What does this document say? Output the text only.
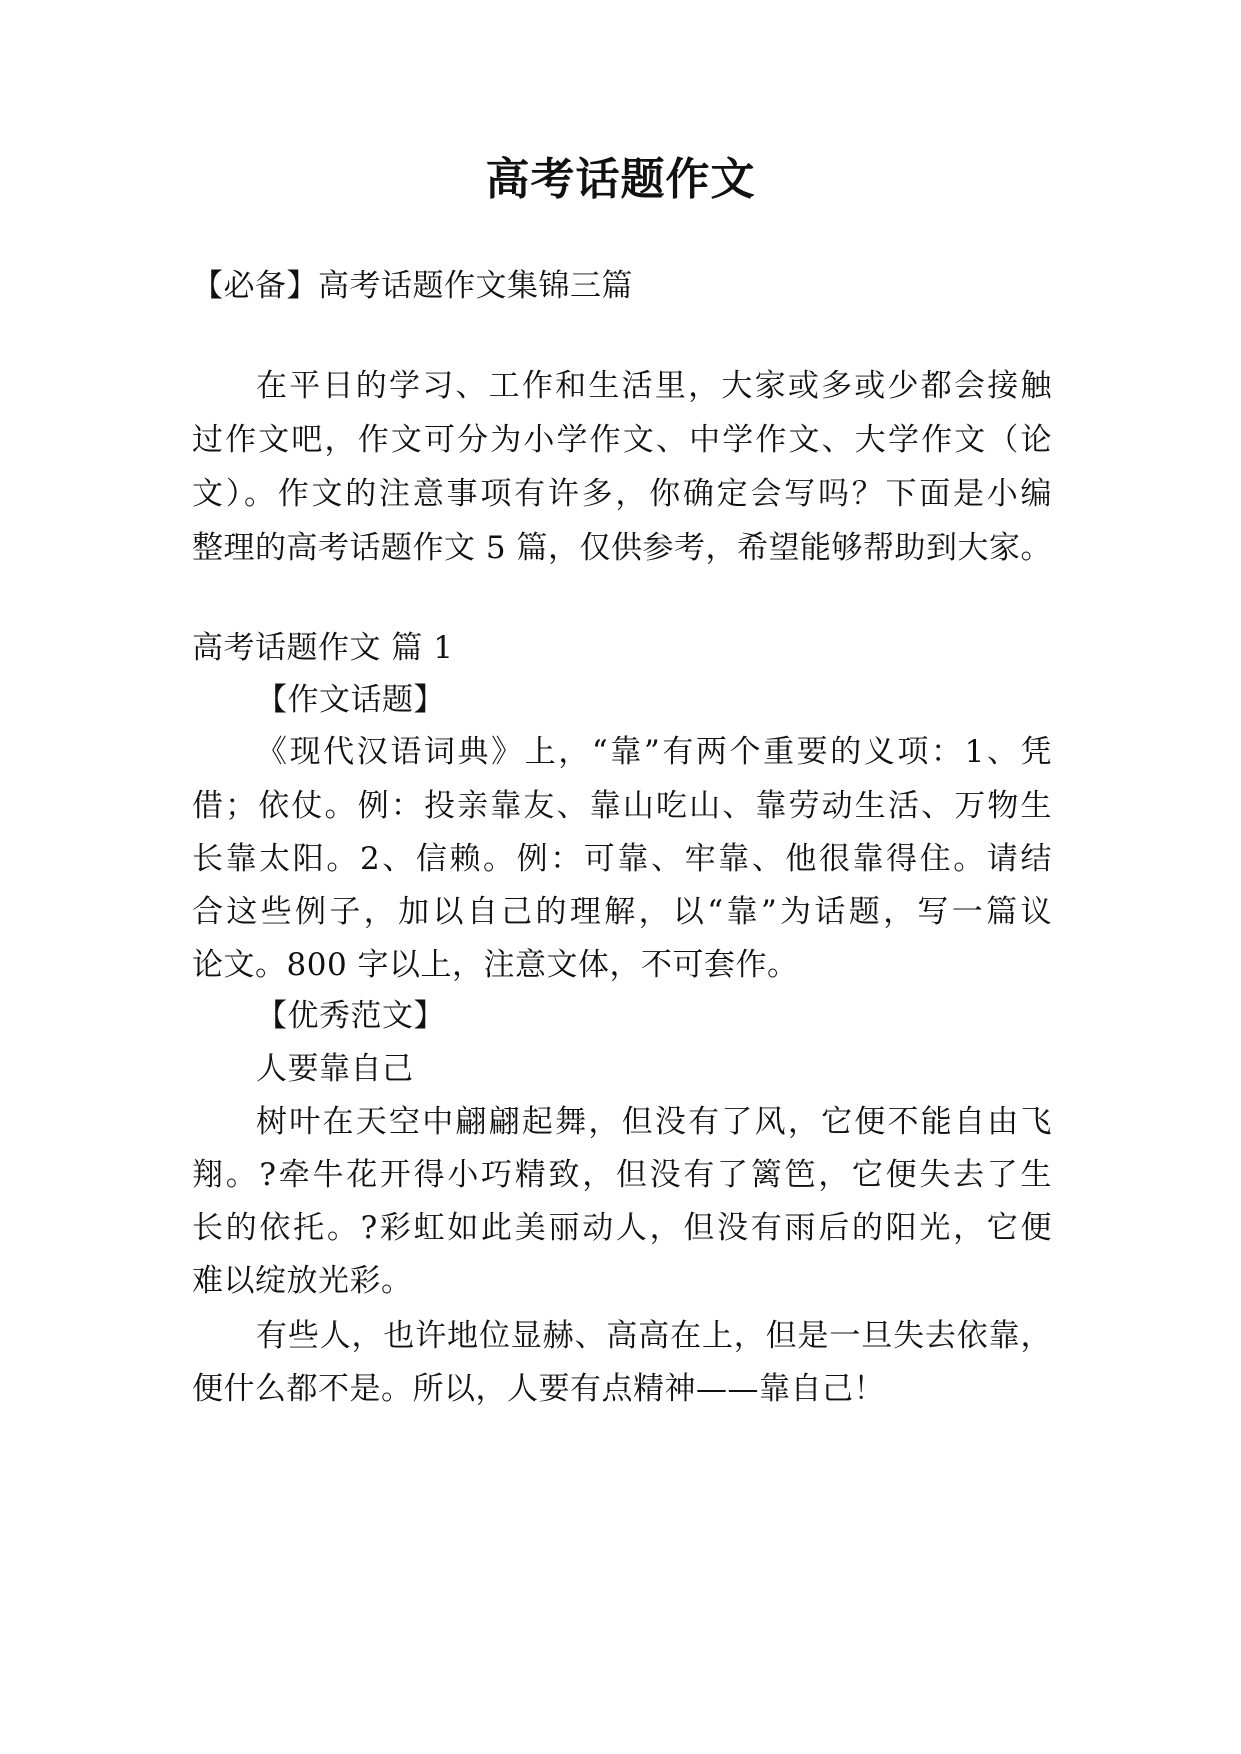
高考话题作文
【必备】高考话题作文集锦三篇
在平日的学习、工作和生活里，大家或多或少都会接触
过作文吧，作文可分为小学作文、中学作文、大学作文（论
文）。作文的注意事项有许多，你确定会写吗？下面是小编
整理的高考话题作文 5 篇，仅供参考，希望能够帮助到大家。
高考话题作文 篇 1
【作文话题】
《现代汉语词典》上，“靠”有两个重要的义项：1、凭
借；依仗。例：投亲靠友、靠山吃山、靠劳动生活、万物生
长靠太阳。2、信赖。例：可靠、牢靠、他很靠得住。请结
合这些例子，加以自己的理解，以“靠”为话题，写一篇议
论文。800 字以上，注意文体，不可套作。
【优秀范文】
人要靠自己
树叶在天空中翩翩起舞，但没有了风，它便不能自由飞
翔。?牵牛花开得小巧精致，但没有了篱笆，它便失去了生
长的依托。?彩虹如此美丽动人，但没有雨后的阳光，它便
难以绽放光彩。
有些人，也许地位显赫、高高在上，但是一旦失去依靠，
便什么都不是。所以，人要有点精神——靠自己！
